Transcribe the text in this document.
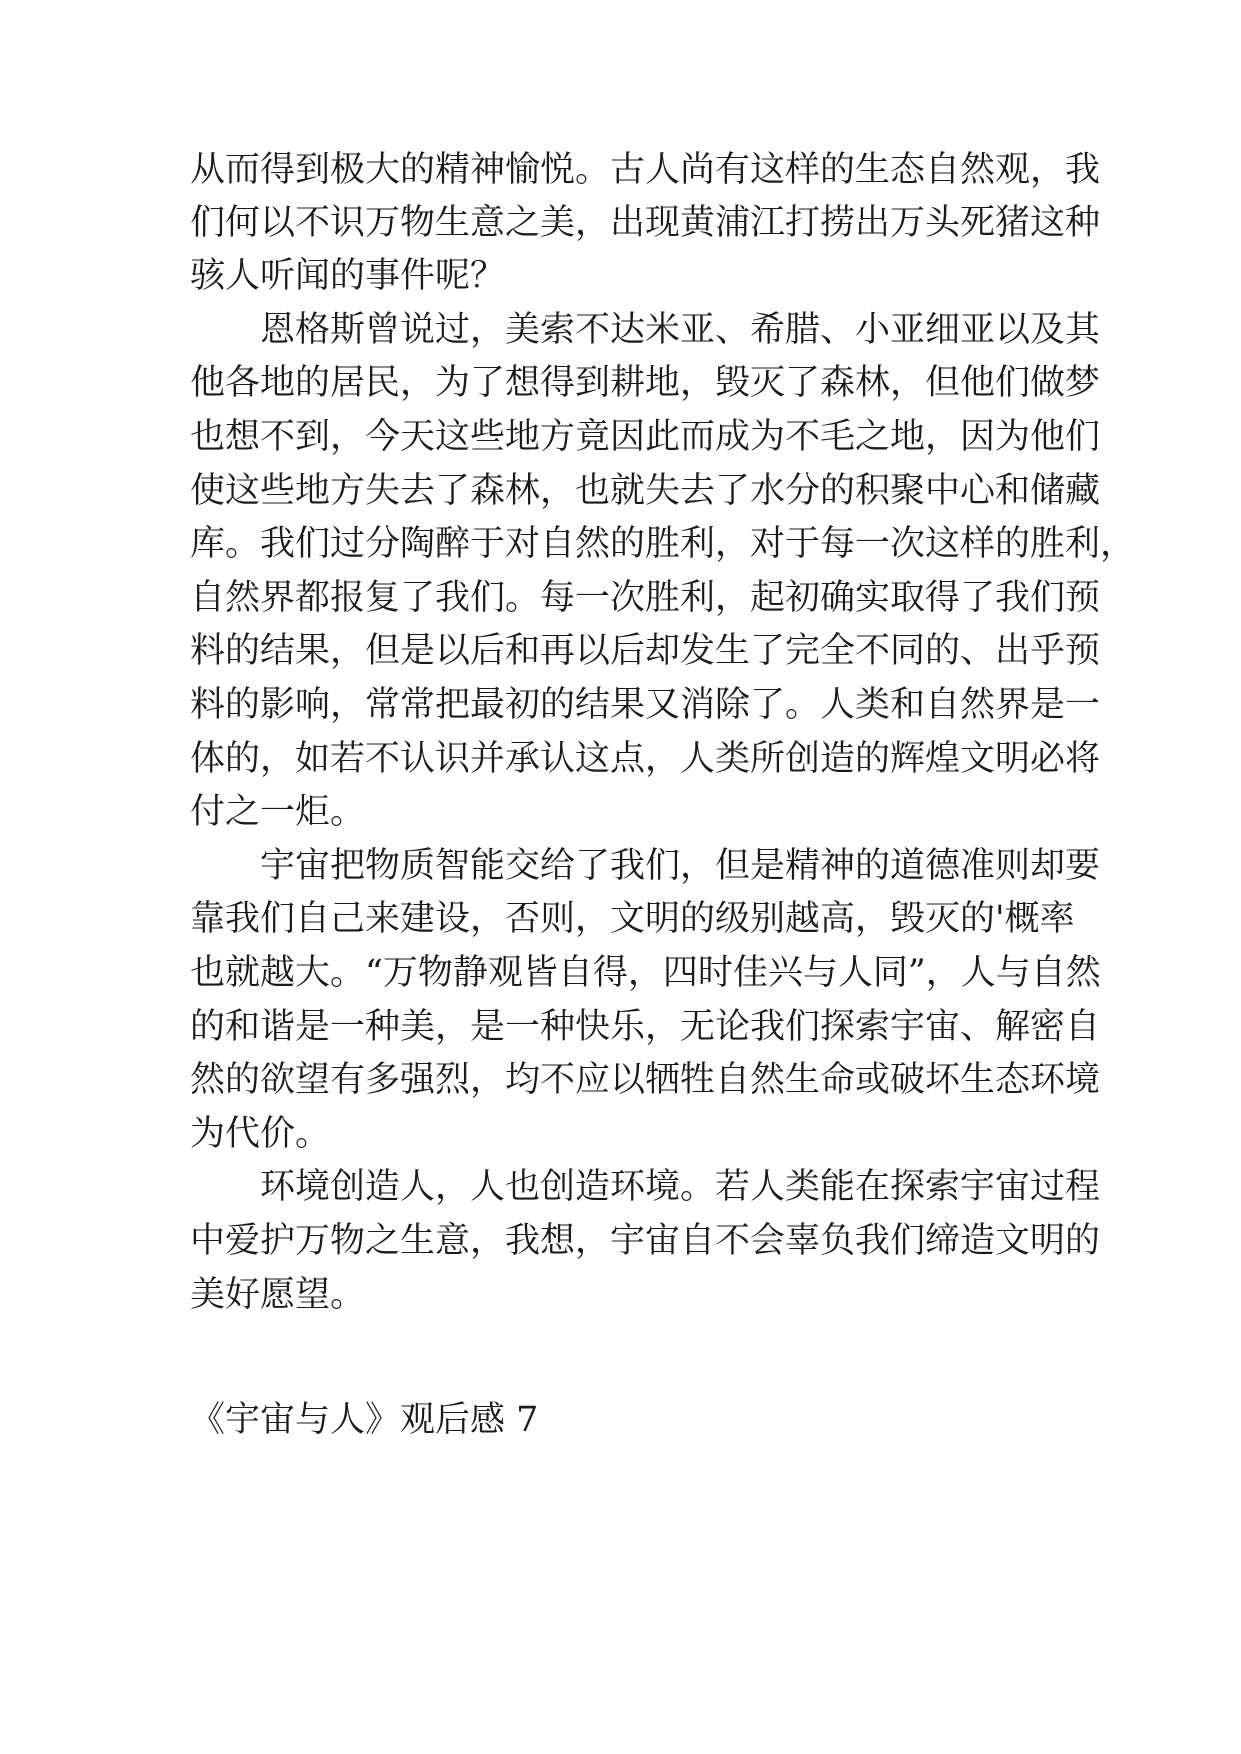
从而得到极大的精神愉悦。古人尚有这样的生态自然观，我
们何以不识万物生意之美，出现黄浦江打捞出万头死猪这种
骇人听闻的事件呢？
恩格斯曾说过，美索不达米亚、希腊、小亚细亚以及其
他各地的居民，为了想得到耕地，毁灭了森林，但他们做梦
也想不到，今天这些地方竟因此而成为不毛之地，因为他们
使这些地方失去了森林，也就失去了水分的积聚中心和储藏
库。我们过分陶醉于对自然的胜利，对于每一次这样的胜利，
自然界都报复了我们。每一次胜利，起初确实取得了我们预
料的结果，但是以后和再以后却发生了完全不同的、出乎预
料的影响，常常把最初的结果又消除了。人类和自然界是一
体的，如若不认识并承认这点，人类所创造的辉煌文明必将
付之一炬。
宇宙把物质智能交给了我们，但是精神的道德准则却要
靠我们自己来建设，否则，文明的级别越高，毁灭的'概率
也就越大。“万物静观皆自得，四时佳兴与人同”，人与自然
的和谐是一种美，是一种快乐，无论我们探索宇宙、解密自
然的欲望有多强烈，均不应以牺牲自然生命或破坏生态环境
为代价。
环境创造人，人也创造环境。若人类能在探索宇宙过程
中爱护万物之生意，我想，宇宙自不会辜负我们缔造文明的
美好愿望。
《宇宙与人》观后感 7
